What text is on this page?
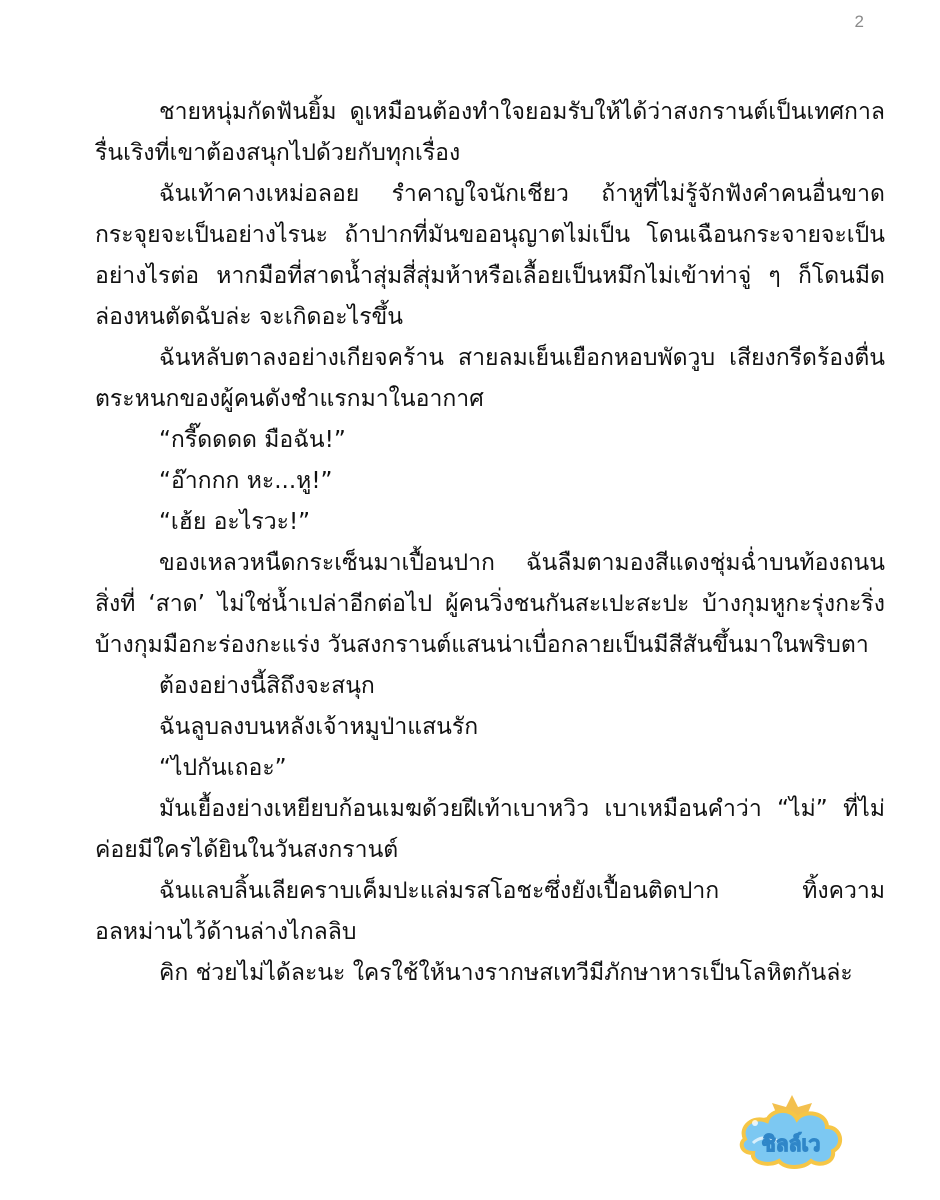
2

ชายหนุ่มกัดฟันยิ้ม ดูเหมือนต้องทำใจยอมรับให้ได้ว่าสงกรานต์เป็นเทศกาลรื่นเริงที่เขาต้องสนุกไปด้วยกับทุกเรื่อง

ฉันเท้าคางเหม่อลอย รำคาญใจนักเชียว ถ้าหูที่ไม่รู้จักฟังคำคนอื่นขาดกระจุยจะเป็นอย่างไรนะ ถ้าปากที่มันขออนุญาตไม่เป็น โดนเฉือนกระจายจะเป็นอย่างไรต่อ หากมือที่สาดน้ำสุ่มสี่สุ่มห้าหรือเลื้อยเป็นหมึกไม่เข้าท่าจู่ ๆ ก็โดนมีดล่องหนตัดฉับล่ะ จะเกิดอะไรขึ้น

ฉันหลับตาลงอย่างเกียจคร้าน สายลมเย็นเยือกหอบพัดวูบ เสียงกรีดร้องตื่นตระหนกของผู้คนดังชำแรกมาในอากาศ

“กรี๊ดดดด มือฉัน!”

“อ๊ากกก หะ...หู!”

“เฮ้ย อะไรวะ!”

ของเหลวหนืดกระเซ็นมาเปื้อนปาก ฉันลืมตามองสีแดงชุ่มฉ่ำบนท้องถนน สิ่งที่ ‘สาด’ ไม่ใช่น้ำเปล่าอีกต่อไป ผู้คนวิ่งชนกันสะเปะสะปะ บ้างกุมหูกะรุ่งกะริ่ง บ้างกุมมือกะร่องกะแร่ง วันสงกรานต์แสนน่าเบื่อกลายเป็นมีสีสันขึ้นมาในพริบตา

ต้องอย่างนี้สิถึงจะสนุก

ฉันลูบลงบนหลังเจ้าหมูป่าแสนรัก

“ไปกันเถอะ”

มันเยื้องย่างเหยียบก้อนเมฆด้วยฝีเท้าเบาหวิว เบาเหมือนคำว่า “ไม่” ที่ไม่ค่อยมีใครได้ยินในวันสงกรานต์

ฉันแลบลิ้นเลียคราบเค็มปะแล่มรสโอชะซึ่งยังเปื้อนติดปาก ทิ้งความอลหม่านไว้ด้านล่างไกลลิบ

คิก ช่วยไม่ได้ละนะ ใครใช้ให้นางรากษสเทวีมีภักษาหารเป็นโลหิตกันล่ะ

ชิลล์เว
